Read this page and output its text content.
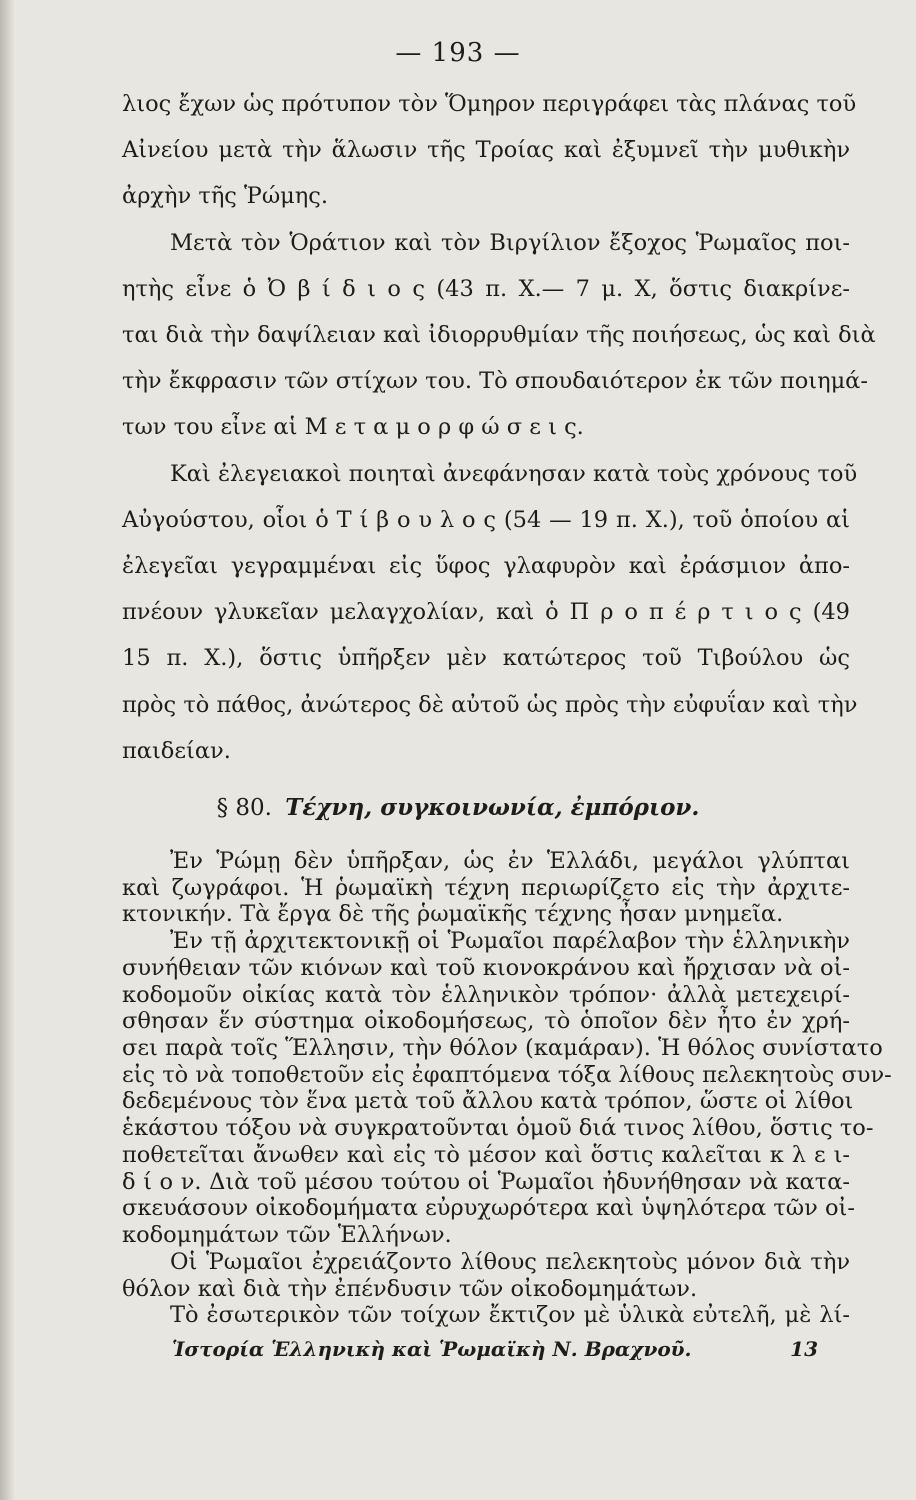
— 193 —
λιος ἔχων ὡς πρότυπον τὸν Ὅμηρον περιγράφει τὰς πλάνας τοῦ
Αἰνείου μετὰ τὴν ἅλωσιν τῆς Τροίας καὶ ἐξυμνεῖ τὴν μυθικὴν
ἀρχὴν τῆς Ῥώμης.
Μετὰ τὸν Ὁράτιον καὶ τὸν Βιργίλιον ἔξοχος Ῥωμαῖος ποι-
ητὴς εἶνε ὁ Ὀ β ί δ ι ο ς (43 π. Χ.— 7 μ. Χ, ὅστις διακρίνε-
ται διὰ τὴν δαψίλειαν καὶ ἰδιορρυθμίαν τῆς ποιήσεως, ὡς καὶ διὰ
τὴν ἔκφρασιν τῶν στίχων του. Τὸ σπουδαιότερον ἐκ τῶν ποιημά-
των του εἶνε αἱ Μ ε τ α μ ο ρ φ ώ σ ε ι ς.
Καὶ ἐλεγειακοὶ ποιηταὶ ἀνεφάνησαν κατὰ τοὺς χρόνους τοῦ
Αὐγούστου, οἷοι ὁ Τ ί β ο υ λ ο ς (54 — 19 π. Χ.), τοῦ ὁποίου αἱ
ἐλεγεῖαι γεγραμμέναι εἰς ὕφος γλαφυρὸν καὶ ἐράσμιον ἀπο-
πνέουν γλυκεῖαν μελαγχολίαν, καὶ ὁ Π ρ ο π έ ρ τ ι ο ς (49
15 π. Χ.), ὅστις ὑπῆρξεν μὲν κατώτερος τοῦ Τιβούλου ὡς
πρὸς τὸ πάθος, ἀνώτερος δὲ αὐτοῦ ὡς πρὸς τὴν εὐφυΐαν καὶ τὴν
παιδείαν.
§ 80. Τέχνη, συγκοινωνία, ἐμπόριον.
Ἐν Ῥώμῃ δὲν ὑπῆρξαν, ὡς ἐν Ἑλλάδι, μεγάλοι γλύπται
καὶ ζωγράφοι. Ἡ ῥωμαϊκὴ τέχνη περιωρίζετο εἰς τὴν ἀρχιτε-
κτονικήν. Τὰ ἔργα δὲ τῆς ῥωμαϊκῆς τέχνης ἦσαν μνημεῖα.
Ἐν τῇ ἀρχιτεκτονικῇ οἱ Ῥωμαῖοι παρέλαβον τὴν ἑλληνικὴν
συνήθειαν τῶν κιόνων καὶ τοῦ κιονοκράνου καὶ ἤρχισαν νὰ οἰ-
κοδομοῦν οἰκίας κατὰ τὸν ἑλληνικὸν τρόπον· ἀλλὰ μετεχειρί-
σθησαν ἕν σύστημα οἰκοδομήσεως, τὸ ὁποῖον δὲν ἦτο ἐν χρή-
σει παρὰ τοῖς Ἕλλησιν, τὴν θόλον (καμάραν). Ἡ θόλος συνίστατο
εἰς τὸ νὰ τοποθετοῦν εἰς ἐφαπτόμενα τόξα λίθους πελεκητοὺς συν-
δεδεμένους τὸν ἕνα μετὰ τοῦ ἄλλου κατὰ τρόπον, ὥστε οἱ λίθοι
ἑκάστου τόξου νὰ συγκρατοῦνται ὁμοῦ διά τινος λίθου, ὅστις το-
ποθετεῖται ἄνωθεν καὶ εἰς τὸ μέσον καὶ ὅστις καλεῖται κ λ ε ι-
δ ί ο ν. Διὰ τοῦ μέσου τούτου οἱ Ῥωμαῖοι ἠδυνήθησαν νὰ κατα-
σκευάσουν οἰκοδομήματα εὐρυχωρότερα καὶ ὑψηλότερα τῶν οἰ-
κοδομημάτων τῶν Ἑλλήνων.
Οἱ Ῥωμαῖοι ἐχρειάζοντο λίθους πελεκητοὺς μόνον διὰ τὴν
θόλον καὶ διὰ τὴν ἐπένδυσιν τῶν οἰκοδομημάτων.
Τὸ ἐσωτερικὸν τῶν τοίχων ἔκτιζον μὲ ὑλικὰ εὐτελῆ, μὲ λί-
Ἱστορία Ἑλληνικὴ καὶ Ῥωμαϊκὴ Ν. Βραχνοῦ.	13
